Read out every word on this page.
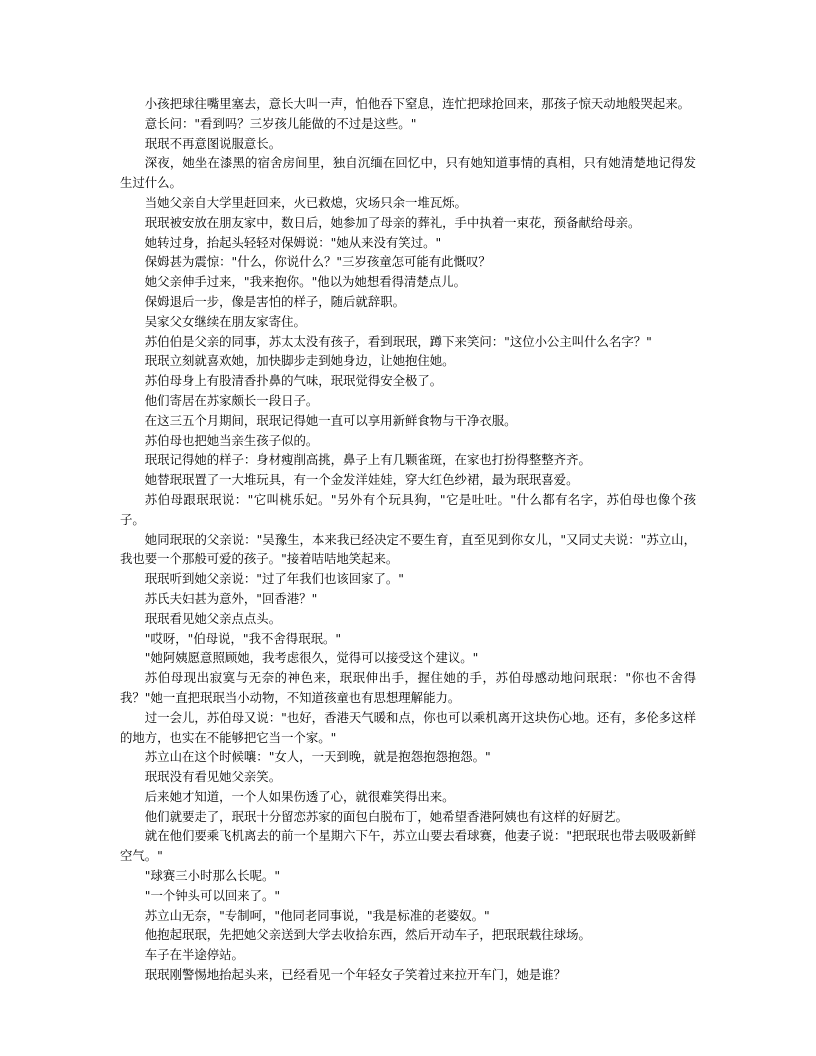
小孩把球往嘴里塞去，意长大叫一声，怕他吞下窒息，连忙把球抢回来，那孩子惊天动地般哭起来。

意长问："看到吗？三岁孩儿能做的不过是这些。"

珉珉不再意图说服意长。

深夜，她坐在漆黑的宿舍房间里，独自沉缅在回忆中，只有她知道事情的真相，只有她清楚地记得发生过什么。

当她父亲自大学里赶回来，火已救熄，灾场只余一堆瓦烁。

珉珉被安放在朋友家中，数日后，她参加了母亲的葬礼，手中执着一束花，预备献给母亲。

她转过身，抬起头轻轻对保姆说："她从来没有笑过。"

保姆甚为震惊："什么，你说什么？"三岁孩童怎可能有此慨叹？

她父亲伸手过来，"我来抱你。"他以为她想看得清楚点儿。

保姆退后一步，像是害怕的样子，随后就辞职。

吴家父女继续在朋友家寄住。

苏伯伯是父亲的同事，苏太太没有孩子，看到珉珉，蹲下来笑问："这位小公主叫什么名字？"

珉珉立刻就喜欢她，加快脚步走到她身边，让她抱住她。

苏伯母身上有股清香扑鼻的气味，珉珉觉得安全极了。

他们寄居在苏家颇长一段日子。

在这三五个月期间，珉珉记得她一直可以享用新鲜食物与干净衣服。

苏伯母也把她当亲生孩子似的。

珉珉记得她的样子：身材瘦削高挑，鼻子上有几颗雀斑，在家也打扮得整整齐齐。

她替珉珉置了一大堆玩具，有一个金发洋娃娃，穿大红色纱裙，最为珉珉喜爱。

苏伯母跟珉珉说："它叫桃乐妃。"另外有个玩具狗，"它是吐吐。"什么都有名字，苏伯母也像个孩子。

她同珉珉的父亲说："吴豫生，本来我已经决定不要生育，直至见到你女儿，"又同丈夫说："苏立山，我也要一个那般可爱的孩子。"接着咭咭地笑起来。

珉珉听到她父亲说："过了年我们也该回家了。"

苏氏夫妇甚为意外，"回香港？"

珉珉看见她父亲点点头。

"哎呀，"伯母说，"我不舍得珉珉。"

"她阿姨愿意照顾她，我考虑很久，觉得可以接受这个建议。"

苏伯母现出寂寞与无奈的神色来，珉珉伸出手，握住她的手，苏伯母感动地问珉珉："你也不舍得我？"她一直把珉珉当小动物，不知道孩童也有思想理解能力。

过一会儿，苏伯母又说："也好，香港天气暖和点，你也可以乘机离开这块伤心地。还有，多伦多这样的地方，也实在不能够把它当一个家。"

苏立山在这个时候嚷："女人，一天到晚，就是抱怨抱怨抱怨。"

珉珉没有看见她父亲笑。

后来她才知道，一个人如果伤透了心，就很难笑得出来。

他们就要走了，珉珉十分留恋苏家的面包白脱布丁，她希望香港阿姨也有这样的好厨艺。

就在他们要乘飞机离去的前一个星期六下午，苏立山要去看球赛，他妻子说："把珉珉也带去吸吸新鲜空气。"

"球赛三小时那么长呢。"

"一个钟头可以回来了。"

苏立山无奈，"专制呵，"他同老同事说，"我是标准的老婆奴。"

他抱起珉珉，先把她父亲送到大学去收拾东西，然后开动车子，把珉珉载往球场。

车子在半途停站。

珉珉刚警惕地抬起头来，已经看见一个年轻女子笑着过来拉开车门，她是谁？
